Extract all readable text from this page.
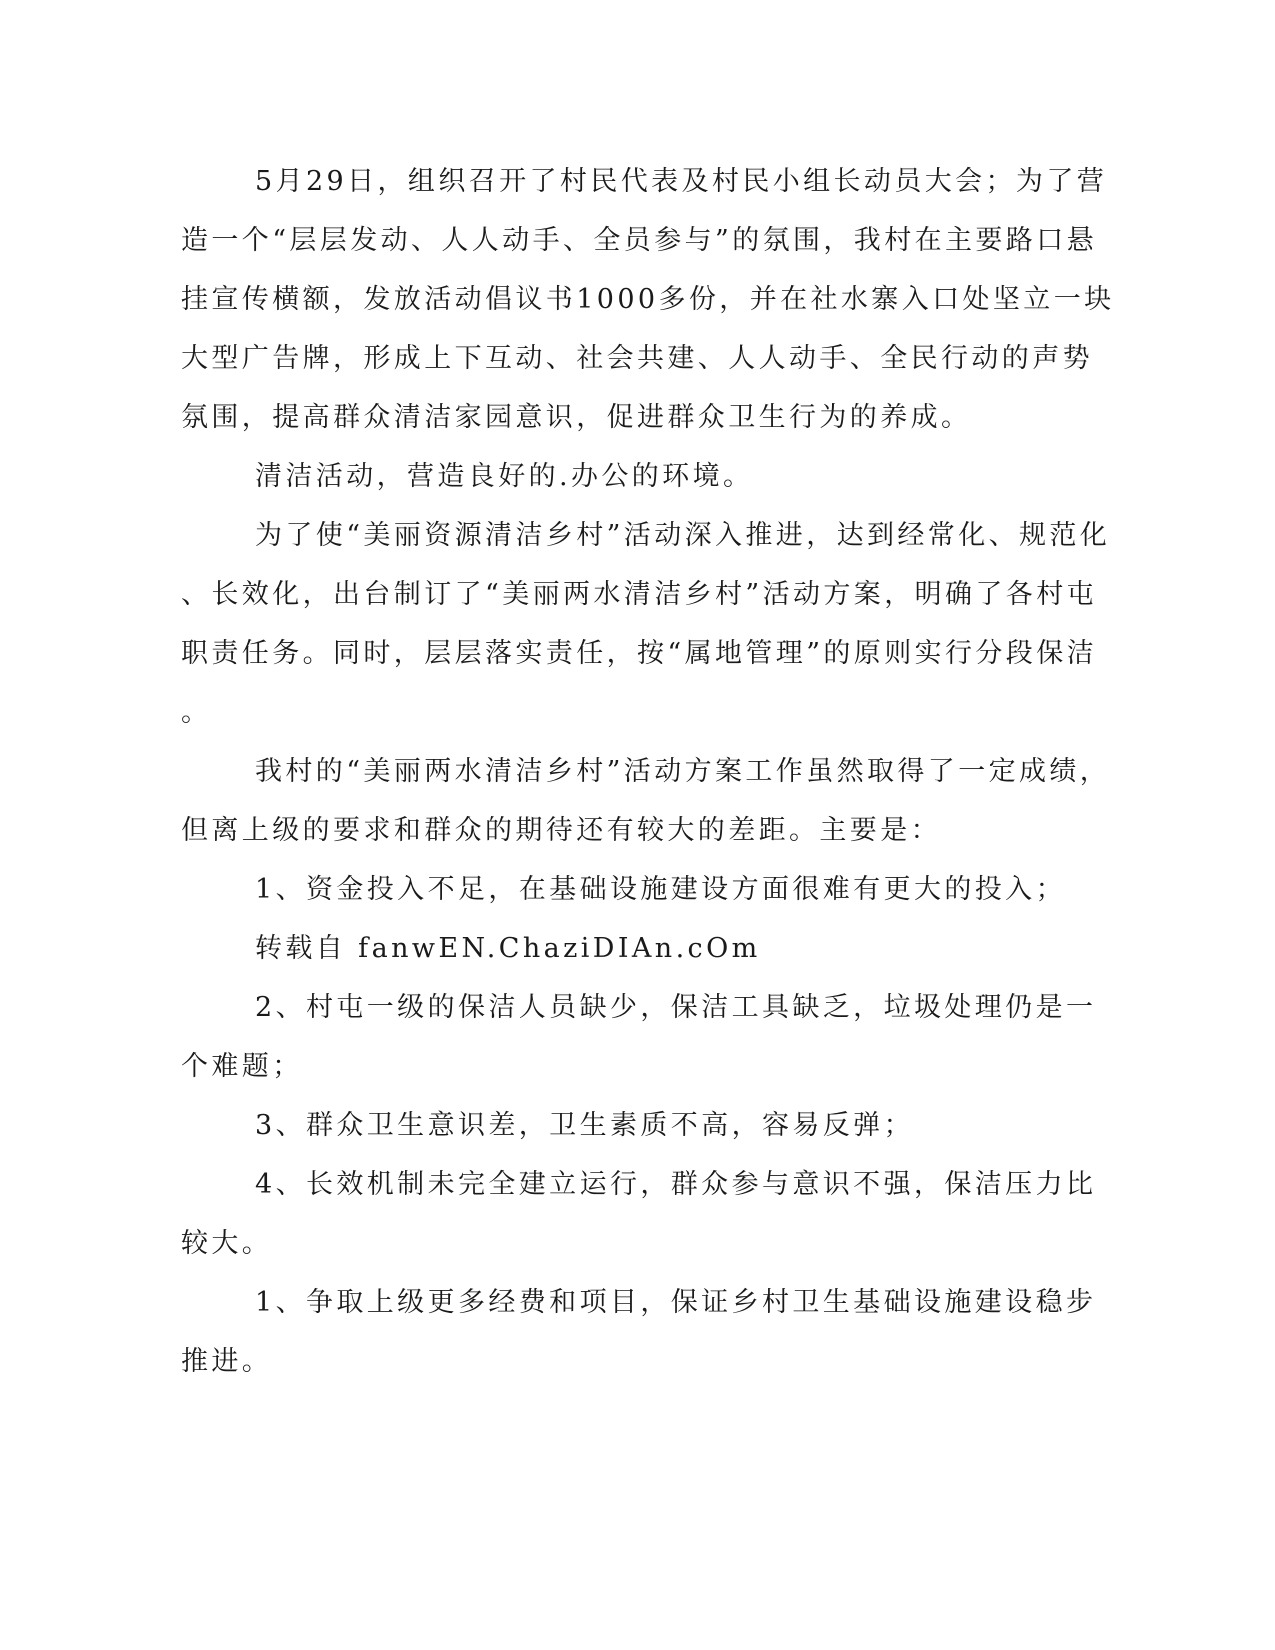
5月29日，组织召开了村民代表及村民小组长动员大会；为了营

造一个“层层发动、人人动手、全员参与”的氛围，我村在主要路口悬

挂宣传横额，发放活动倡议书1000多份，并在社水寨入口处坚立一块

大型广告牌，形成上下互动、社会共建、人人动手、全民行动的声势

氛围，提高群众清洁家园意识，促进群众卫生行为的养成。

清洁活动，营造良好的.办公的环境。

为了使“美丽资源清洁乡村”活动深入推进，达到经常化、规范化

、长效化，出台制订了“美丽两水清洁乡村”活动方案，明确了各村屯

职责任务。同时，层层落实责任，按“属地管理”的原则实行分段保洁

。

我村的“美丽两水清洁乡村”活动方案工作虽然取得了一定成绩，

但离上级的要求和群众的期待还有较大的差距。主要是：

1、资金投入不足，在基础设施建设方面很难有更大的投入；

转载自 fanwEN.ChaziDIAn.cOm

2、村屯一级的保洁人员缺少，保洁工具缺乏，垃圾处理仍是一

个难题；

3、群众卫生意识差，卫生素质不高，容易反弹；

4、长效机制未完全建立运行，群众参与意识不强，保洁压力比

较大。

1、争取上级更多经费和项目，保证乡村卫生基础设施建设稳步

推进。
